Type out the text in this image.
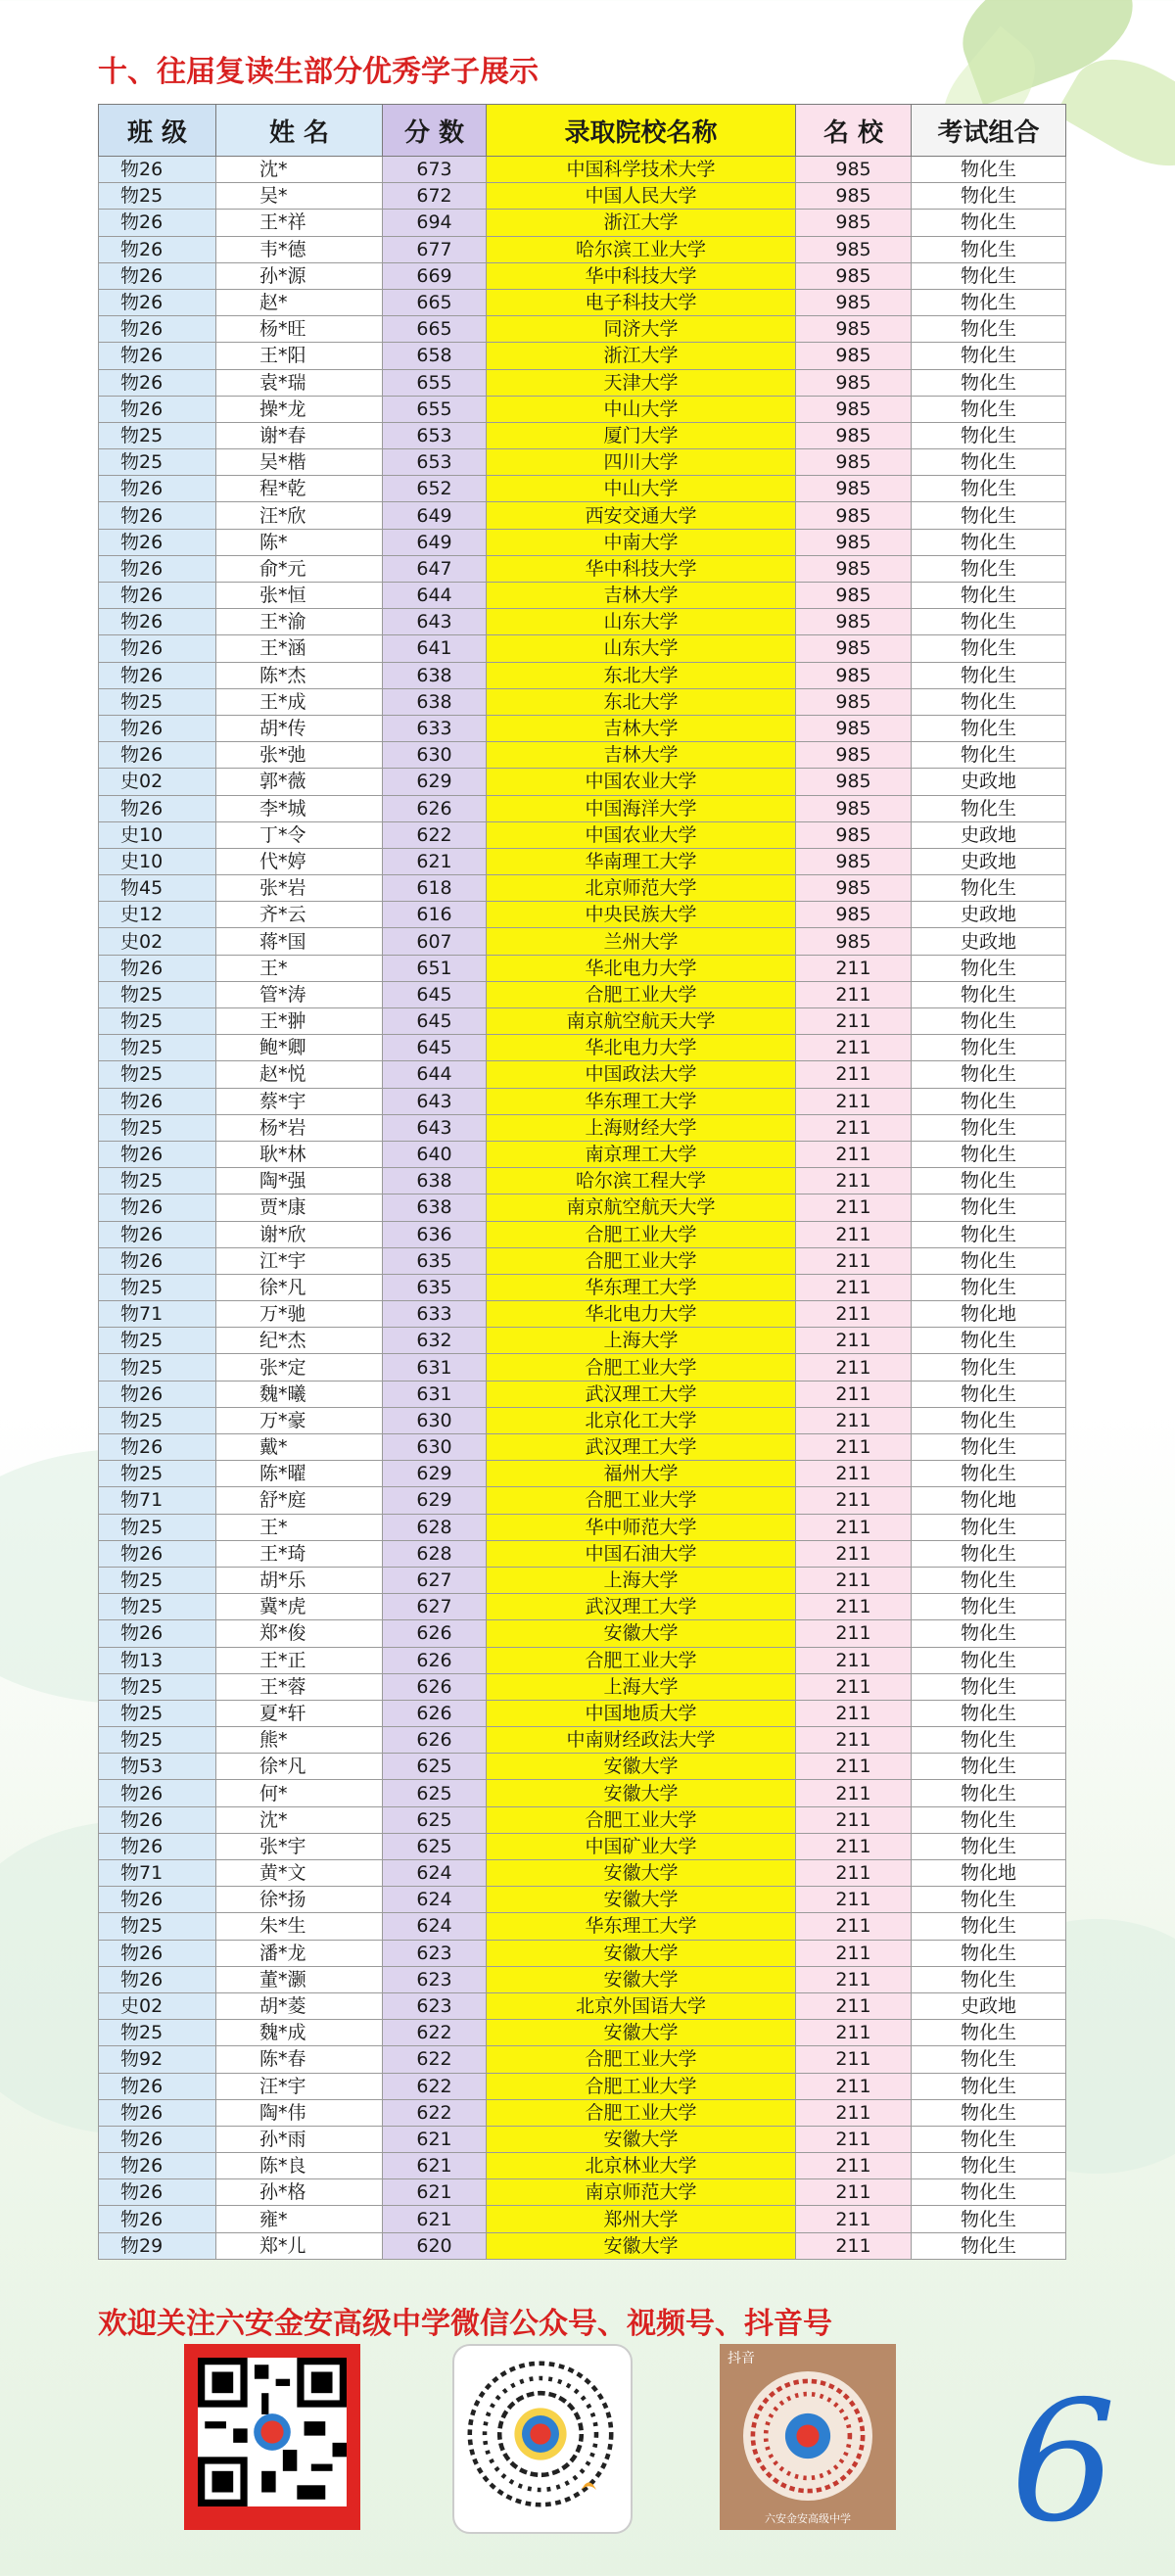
十、往届复读生部分优秀学子展示
班 级	姓 名	分 数	录取院校名称	名 校	考试组合
物26	沈*	673	中国科学技术大学	985	物化生
物25	吴*	672	中国人民大学	985	物化生
物26	王*祥	694	浙江大学	985	物化生
物26	韦*德	677	哈尔滨工业大学	985	物化生
物26	孙*源	669	华中科技大学	985	物化生
物26	赵*	665	电子科技大学	985	物化生
物26	杨*旺	665	同济大学	985	物化生
物26	王*阳	658	浙江大学	985	物化生
物26	袁*瑞	655	天津大学	985	物化生
物26	操*龙	655	中山大学	985	物化生
物25	谢*春	653	厦门大学	985	物化生
物25	吴*楷	653	四川大学	985	物化生
物26	程*乾	652	中山大学	985	物化生
物26	汪*欣	649	西安交通大学	985	物化生
物26	陈*	649	中南大学	985	物化生
物26	俞*元	647	华中科技大学	985	物化生
物26	张*恒	644	吉林大学	985	物化生
物26	王*渝	643	山东大学	985	物化生
物26	王*涵	641	山东大学	985	物化生
物26	陈*杰	638	东北大学	985	物化生
物25	王*成	638	东北大学	985	物化生
物26	胡*传	633	吉林大学	985	物化生
物26	张*弛	630	吉林大学	985	物化生
史02	郭*薇	629	中国农业大学	985	史政地
物26	李*城	626	中国海洋大学	985	物化生
史10	丁*令	622	中国农业大学	985	史政地
史10	代*婷	621	华南理工大学	985	史政地
物45	张*岩	618	北京师范大学	985	物化生
史12	齐*云	616	中央民族大学	985	史政地
史02	蒋*国	607	兰州大学	985	史政地
物26	王*	651	华北电力大学	211	物化生
物25	管*涛	645	合肥工业大学	211	物化生
物25	王*翀	645	南京航空航天大学	211	物化生
物25	鲍*卿	645	华北电力大学	211	物化生
物25	赵*悦	644	中国政法大学	211	物化生
物26	蔡*宇	643	华东理工大学	211	物化生
物25	杨*岩	643	上海财经大学	211	物化生
物26	耿*林	640	南京理工大学	211	物化生
物25	陶*强	638	哈尔滨工程大学	211	物化生
物26	贾*康	638	南京航空航天大学	211	物化生
物26	谢*欣	636	合肥工业大学	211	物化生
物26	江*宇	635	合肥工业大学	211	物化生
物25	徐*凡	635	华东理工大学	211	物化生
物71	万*驰	633	华北电力大学	211	物化地
物25	纪*杰	632	上海大学	211	物化生
物25	张*定	631	合肥工业大学	211	物化生
物26	魏*曦	631	武汉理工大学	211	物化生
物25	万*豪	630	北京化工大学	211	物化生
物26	戴*	630	武汉理工大学	211	物化生
物25	陈*曜	629	福州大学	211	物化生
物71	舒*庭	629	合肥工业大学	211	物化地
物25	王*	628	华中师范大学	211	物化生
物26	王*琦	628	中国石油大学	211	物化生
物25	胡*乐	627	上海大学	211	物化生
物25	冀*虎	627	武汉理工大学	211	物化生
物26	郑*俊	626	安徽大学	211	物化生
物13	王*正	626	合肥工业大学	211	物化生
物25	王*蓉	626	上海大学	211	物化生
物25	夏*轩	626	中国地质大学	211	物化生
物25	熊*	626	中南财经政法大学	211	物化生
物53	徐*凡	625	安徽大学	211	物化生
物26	何*	625	安徽大学	211	物化生
物26	沈*	625	合肥工业大学	211	物化生
物26	张*宇	625	中国矿业大学	211	物化生
物71	黄*文	624	安徽大学	211	物化地
物26	徐*扬	624	安徽大学	211	物化生
物25	朱*生	624	华东理工大学	211	物化生
物26	潘*龙	623	安徽大学	211	物化生
物26	董*灏	623	安徽大学	211	物化生
史02	胡*菱	623	北京外国语大学	211	史政地
物25	魏*成	622	安徽大学	211	物化生
物92	陈*春	622	合肥工业大学	211	物化生
物26	汪*宇	622	合肥工业大学	211	物化生
物26	陶*伟	622	合肥工业大学	211	物化生
物26	孙*雨	621	安徽大学	211	物化生
物26	陈*良	621	北京林业大学	211	物化生
物26	孙*格	621	南京师范大学	211	物化生
物26	雍*	621	郑州大学	211	物化生
物29	郑*儿	620	安徽大学	211	物化生

欢迎关注六安金安高级中学微信公众号、视频号、抖音号

抖音
六安金安高级中学 6
